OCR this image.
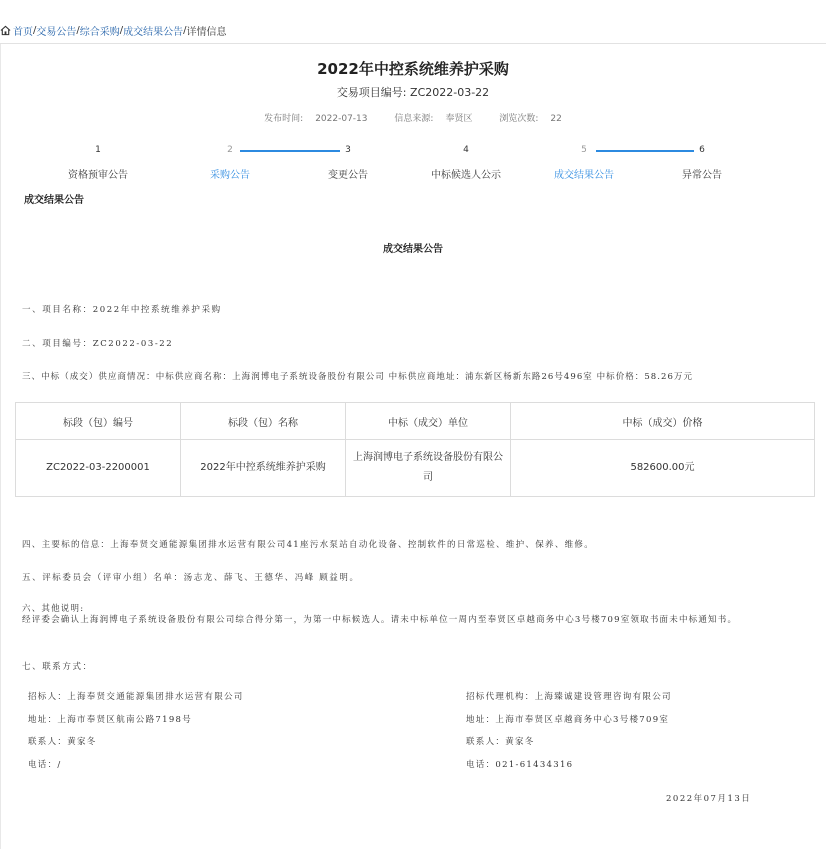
首页 / 交易公告 / 综合采购 / 成交结果公告 / 详情信息
2022年中控系统维养护采购
交易项目编号: ZC2022-03-22
发布时间: 2022-07-13	信息来源: 奉贤区	浏览次数: 22
1
资格预审公告
2
采购公告
3
变更公告
4
中标候选人公示
5
成交结果公告
6
异常公告
成交结果公告
成交结果公告
一、项目名称：2022年中控系统维养护采购
二、项目编号：ZC2022-03-22
三、中标（成交）供应商情况：中标供应商名称：上海润博电子系统设备股份有限公司 中标供应商地址：浦东新区杨新东路26号496室 中标价格：58.26万元
标段（包）编号	标段（包）名称	中标（成交）单位	中标（成交）价格
ZC2022-03-2200001	2022年中控系统维养护采购	上海润博电子系统设备股份有限公司	582600.00元
四、主要标的信息：上海奉贤交通能源集团排水运营有限公司41座污水泵站自动化设备、控制软件的日常巡检、维护、保养、维修。
五、评标委员会（评审小组）名单：汤志龙、薛飞、王德华、冯峰 顾益明。
六、其他说明:
经评委会确认上海润博电子系统设备股份有限公司综合得分第一，为第一中标候选人。请未中标单位一周内至奉贤区卓越商务中心3号楼709室领取书面未中标通知书。
七、联系方式：
招标人：上海奉贤交通能源集团排水运营有限公司
地址：上海市奉贤区航南公路7198号
联系人：黄家冬
电话：/
招标代理机构：上海臻诚建设管理咨询有限公司
地址：上海市奉贤区卓越商务中心3号楼709室
联系人：黄家冬
电话：021-61434316
2022年07月13日
